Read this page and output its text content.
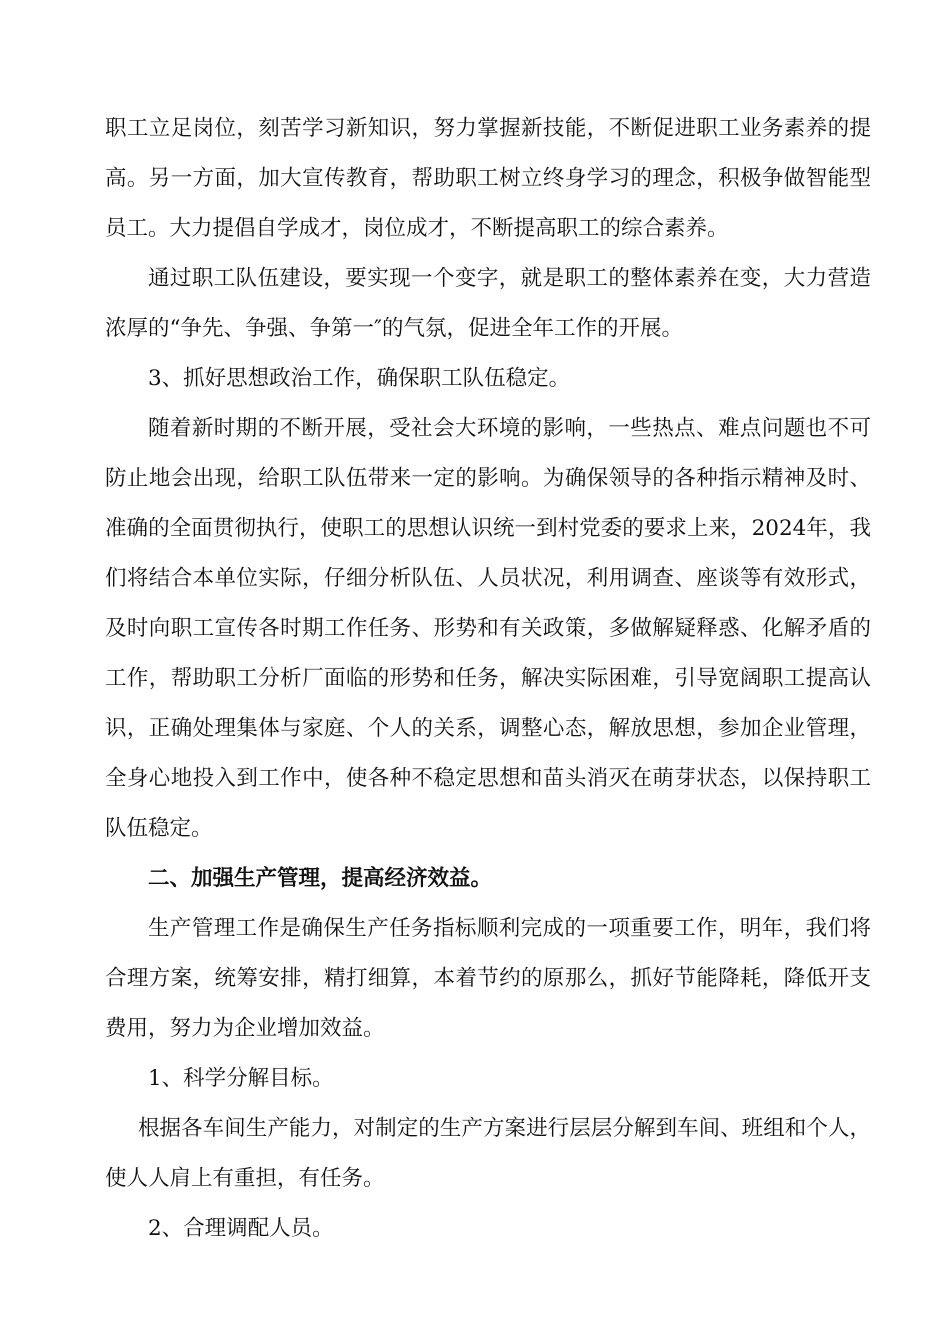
职工立足岗位，刻苦学习新知识，努力掌握新技能，不断促进职工业务素养的提高。另一方面，加大宣传教育，帮助职工树立终身学习的理念，积极争做智能型员工。大力提倡自学成才，岗位成才，不断提高职工的综合素养。

通过职工队伍建设，要实现一个变字，就是职工的整体素养在变，大力营造浓厚的“争先、争强、争第一″的气氛，促进全年工作的开展。

3、抓好思想政治工作，确保职工队伍稳定。

随着新时期的不断开展，受社会大环境的影响，一些热点、难点问题也不可防止地会出现，给职工队伍带来一定的影响。为确保领导的各种指示精神及时、准确的全面贯彻执行，使职工的思想认识统一到村党委的要求上来，2024年，我们将结合本单位实际，仔细分析队伍、人员状况，利用调查、座谈等有效形式，及时向职工宣传各时期工作任务、形势和有关政策，多做解疑释惑、化解矛盾的工作，帮助职工分析厂面临的形势和任务，解决实际困难，引导宽阔职工提高认识，正确处理集体与家庭、个人的关系，调整心态，解放思想，参加企业管理，全身心地投入到工作中，使各种不稳定思想和苗头消灭在萌芽状态，以保持职工队伍稳定。

二、加强生产管理，提高经济效益。

生产管理工作是确保生产任务指标顺利完成的一项重要工作，明年，我们将合理方案，统筹安排，精打细算，本着节约的原那么，抓好节能降耗，降低开支费用，努力为企业增加效益。

1、科学分解目标。

根据各车间生产能力，对制定的生产方案进行层层分解到车间、班组和个人，使人人肩上有重担，有任务。

2、合理调配人员。
